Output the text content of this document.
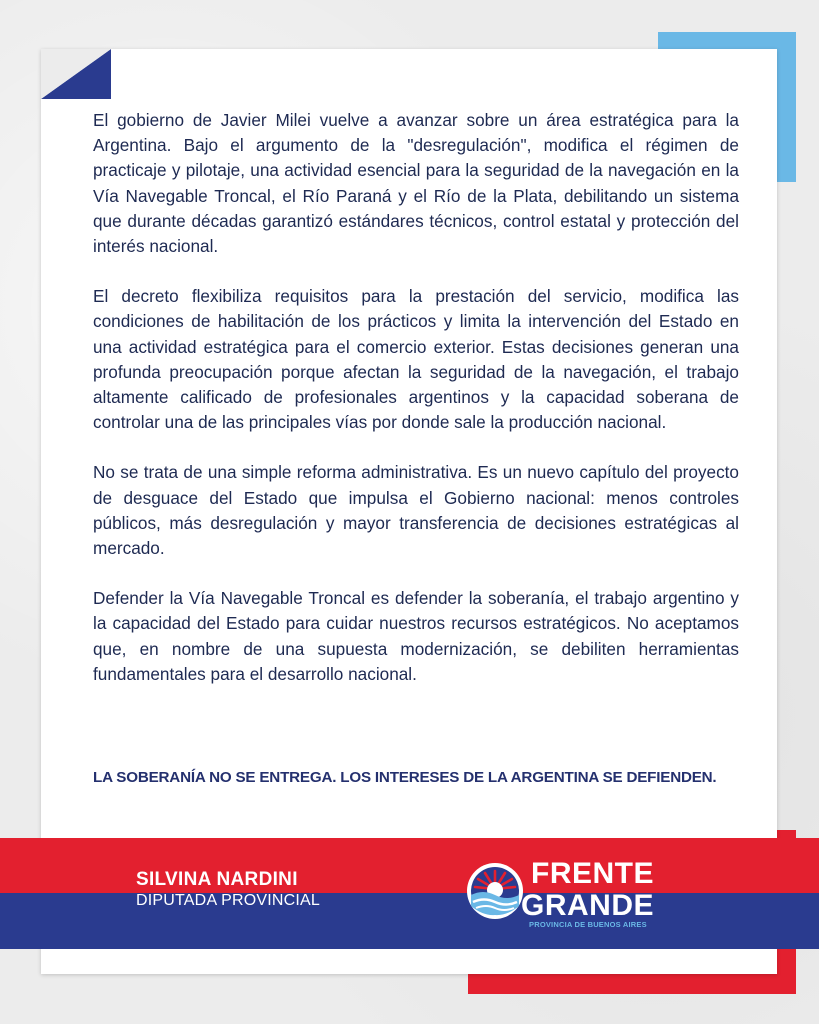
El gobierno de Javier Milei vuelve a avanzar sobre un área estratégica para la Argentina. Bajo el argumento de la "desregulación", modifica el régimen de practicaje y pilotaje, una actividad esencial para la seguridad de la navegación en la Vía Navegable Troncal, el Río Paraná y el Río de la Plata, debilitando un sistema que durante décadas garantizó estándares técnicos, control estatal y protección del interés nacional.

El decreto flexibiliza requisitos para la prestación del servicio, modifica las condiciones de habilitación de los prácticos y limita la intervención del Estado en una actividad estratégica para el comercio exterior. Estas decisiones generan una profunda preocupación porque afectan la seguridad de la navegación, el trabajo altamente calificado de profesionales argentinos y la capacidad soberana de controlar una de las principales vías por donde sale la producción nacional.

No se trata de una simple reforma administrativa. Es un nuevo capítulo del proyecto de desguace del Estado que impulsa el Gobierno nacional: menos controles públicos, más desregulación y mayor transferencia de decisiones estratégicas al mercado.

Defender la Vía Navegable Troncal es defender la soberanía, el trabajo argentino y la capacidad del Estado para cuidar nuestros recursos estratégicos. No aceptamos que, en nombre de una supuesta modernización, se debiliten herramientas fundamentales para el desarrollo nacional.

LA SOBERANÍA NO SE ENTREGA. LOS INTERESES DE LA ARGENTINA SE DEFIENDEN.
SILVINA NARDINI
DIPUTADA PROVINCIAL
FRENTE
GRANDE
PROVINCIA DE BUENOS AIRES
